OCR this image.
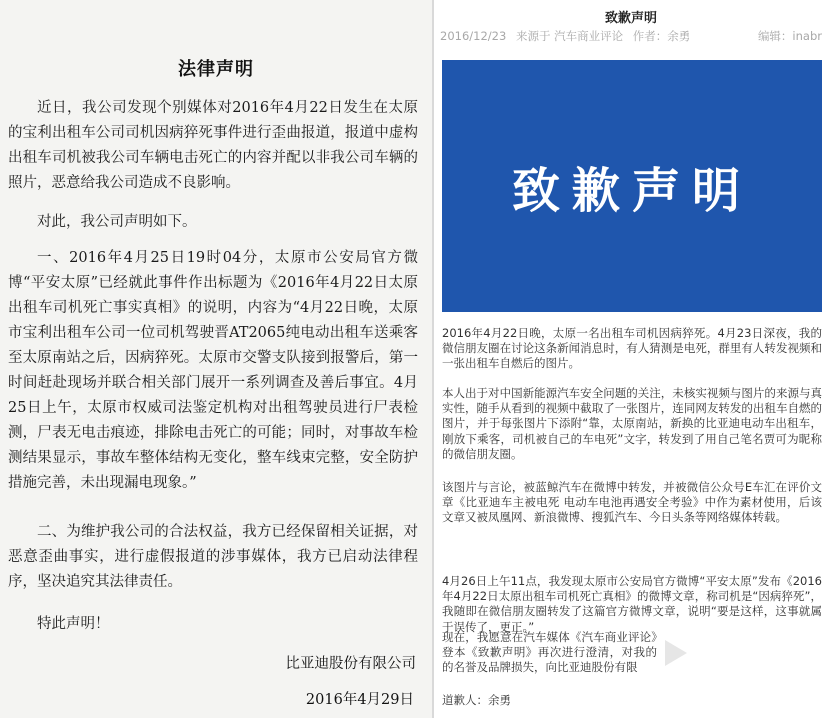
法律声明

近日，我公司发现个别媒体对2016年4月22日发生在太原的宝利出租车公司司机因病猝死事件进行歪曲报道，报道中虚构出租车司机被我公司车辆电击死亡的内容并配以非我公司车辆的照片，恶意给我公司造成不良影响。

对此，我公司声明如下。

一、2016年4月25日19时04分，太原市公安局官方微博“平安太原”已经就此事件作出标题为《2016年4月22日太原出租车司机死亡事实真相》的说明，内容为“4月22日晚，太原市宝利出租车公司一位司机驾驶晋AT2065纯电动出租车送乘客至太原南站之后，因病猝死。太原市交警支队接到报警后，第一时间赶赴现场并联合相关部门展开一系列调查及善后事宜。4月25日上午，太原市权威司法鉴定机构对出租驾驶员进行尸表检测，尸表无电击痕迹，排除电击死亡的可能；同时，对事故车检测结果显示，事故车整体结构无变化，整车线束完整，安全防护措施完善，未出现漏电现象。”

二、为维护我公司的合法权益，我方已经保留相关证据，对恶意歪曲事实，进行虚假报道的涉事媒体，我方已启动法律程序，坚决追究其法律责任。

特此声明！

比亚迪股份有限公司
2016年4月29日
致歉声明
2016/12/23 来源于 汽车商业评论 作者：余勇	编辑：inabr
致歉声明

2016年4月22日晚，太原一名出租车司机因病猝死。4月23日深夜，我的微信朋友圈在讨论这条新闻消息时，有人猜测是电死，群里有人转发视频和一张出租车自燃后的图片。

本人出于对中国新能源汽车安全问题的关注，未核实视频与图片的来源与真实性，随手从看到的视频中截取了一张图片，连同网友转发的出租车自燃的图片，并于每张图片下添附“靠，太原南站，新换的比亚迪电动车出租车，刚放下乘客，司机被自己的车电死”文字，转发到了用自己笔名贾可为昵称的微信朋友圈。

该图片与言论，被蓝鲸汽车在微博中转发，并被微信公众号E车汇在评价文章《比亚迪车主被电死 电动车电池再遇安全考验》中作为素材使用，后该文章又被凤凰网、新浪微博、搜狐汽车、今日头条等网络媒体转载。

4月26日上午11点，我发现太原市公安局官方微博“平安太原”发布《2016年4月22日太原出租车司机死亡真相》的微博文章，称司机是“因病猝死”，我随即在微信朋友圈转发了这篇官方微博文章，说明“要是这样，这事就属于误传了，更正。”

现在，我愿意在汽车媒体《汽车商业评论》登本《致歉声明》再次进行澄清，对我的的名誉及品牌损失，向比亚迪股份有限

道歉人：余勇
